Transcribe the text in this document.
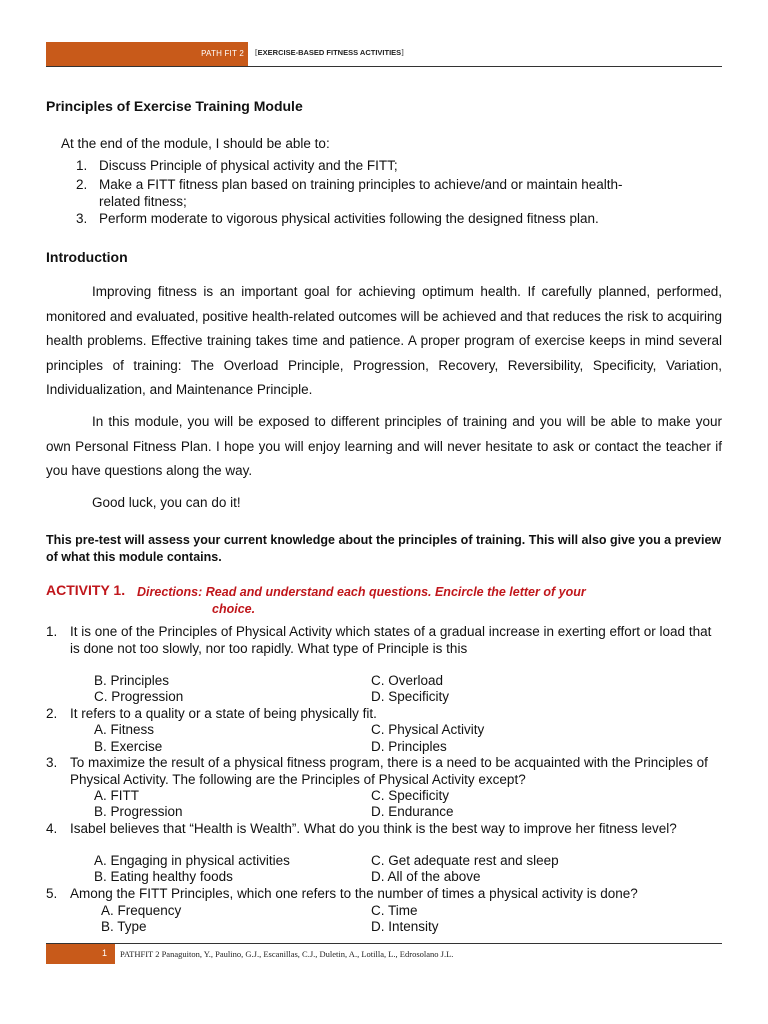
PATH FIT 2 [EXERCISE-BASED FITNESS ACTIVITIES]
Principles of Exercise Training Module
At the end of the module, I should be able to:
1. Discuss Principle of physical activity and the FITT;
2. Make a FITT fitness plan based on training principles to achieve/and or maintain health-
related fitness;
3. Perform moderate to vigorous physical activities following the designed fitness plan.
Introduction

Improving fitness is an important goal for achieving optimum health. If carefully planned, performed, monitored and evaluated, positive health-related outcomes will be achieved and that reduces the risk to acquiring health problems. Effective training takes time and patience. A proper program of exercise keeps in mind several principles of training: The Overload Principle, Progression, Recovery, Reversibility, Specificity, Variation, Individualization, and Maintenance Principle.

In this module, you will be exposed to different principles of training and you will be able to make your own Personal Fitness Plan. I hope you will enjoy learning and will never hesitate to ask or contact the teacher if you have questions along the way.

Good luck, you can do it!

This pre-test will assess your current knowledge about the principles of training. This will also give you a preview of what this module contains.
ACTIVITY 1. Directions: Read and understand each questions. Encircle the letter of your
choice.
1. It is one of the Principles of Physical Activity which states of a gradual increase in exerting effort or load that is done not too slowly, nor too rapidly. What type of Principle is this
B. Principles	C. Overload
C. Progression	D. Specificity
2. It refers to a quality or a state of being physically fit.
A. Fitness	C. Physical Activity
B. Exercise	D. Principles
3. To maximize the result of a physical fitness program, there is a need to be acquainted with the Principles of Physical Activity. The following are the Principles of Physical Activity except?
A. FITT	C. Specificity
B. Progression	D. Endurance
4. Isabel believes that “Health is Wealth”. What do you think is the best way to improve her fitness level?
A. Engaging in physical activities	C. Get adequate rest and sleep
B. Eating healthy foods	D. All of the above
5. Among the FITT Principles, which one refers to the number of times a physical activity is done?
A. Frequency	C. Time
B. Type	D. Intensity
1 PATHFIT 2 Panaguiton, Y., Paulino, G.J., Escanillas, C.J., Duletin, A., Lotilla, L., Edrosolano J.L.
